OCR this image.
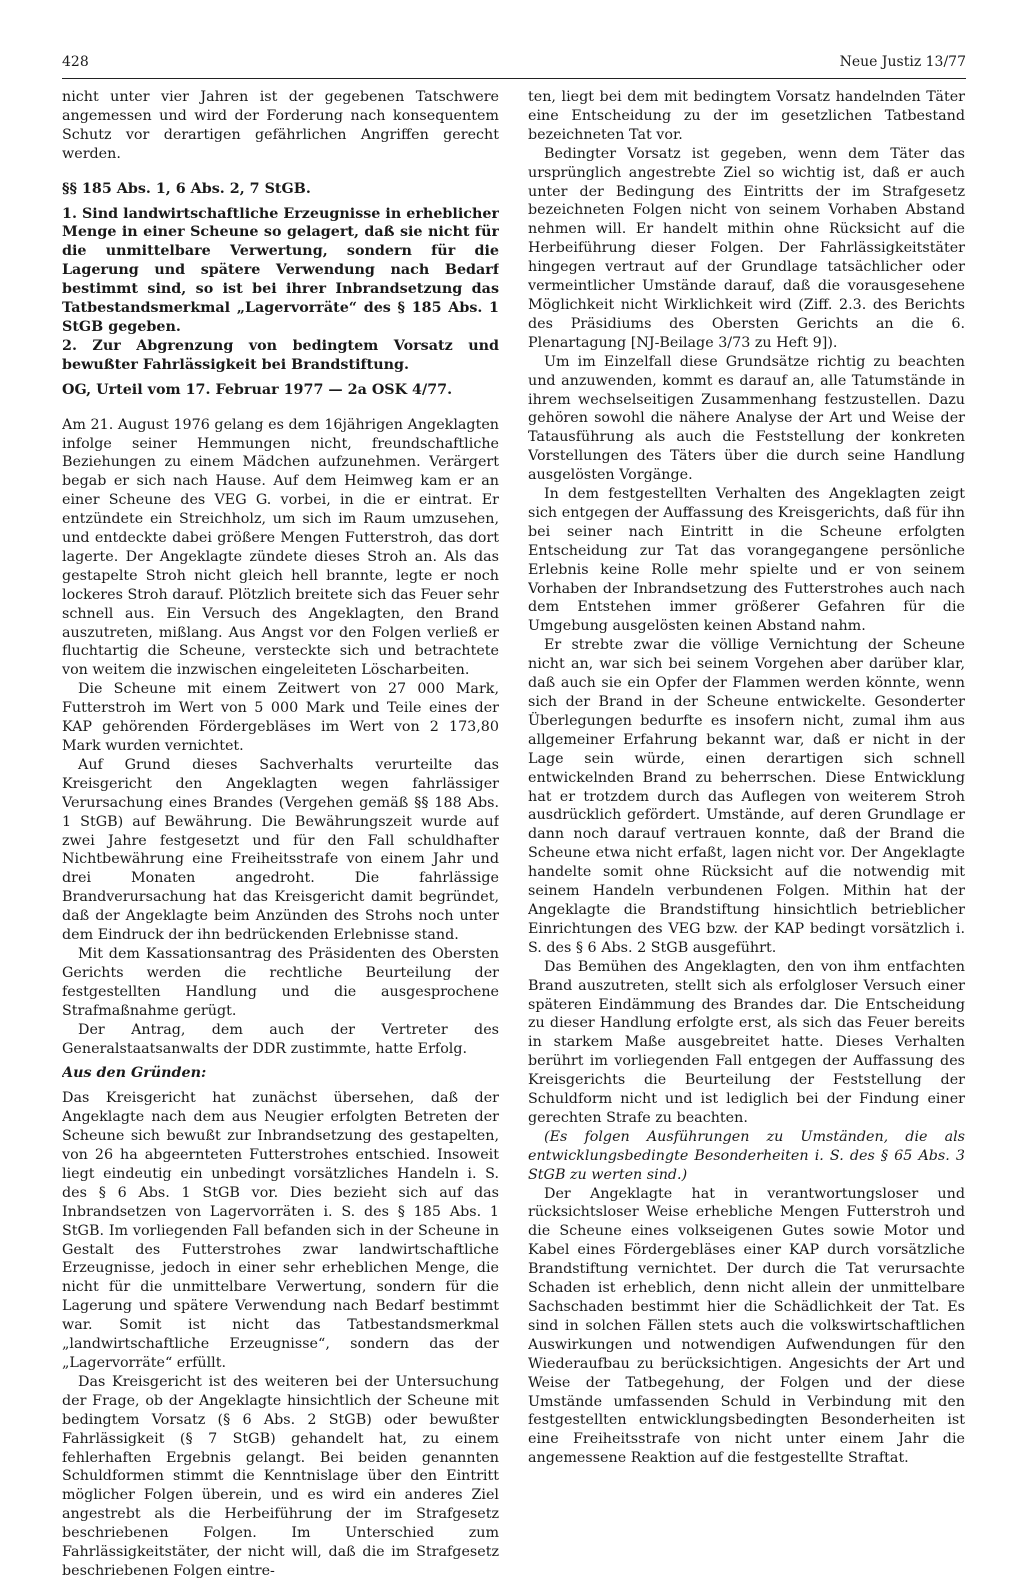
428	Neue Justiz 13/77

nicht unter vier Jahren ist der gegebenen Tatschwere angemessen und wird der Forderung nach konsequentem Schutz vor derartigen gefährlichen Angriffen gerecht werden.

§§ 185 Abs. 1, 6 Abs. 2, 7 StGB.

1. Sind landwirtschaftliche Erzeugnisse in erheblicher Menge in einer Scheune so gelagert, daß sie nicht für die unmittelbare Verwertung, sondern für die Lagerung und spätere Verwendung nach Bedarf bestimmt sind, so ist bei ihrer Inbrandsetzung das Tatbestandsmerkmal „Lagervorräte“ des § 185 Abs. 1 StGB gegeben.

2. Zur Abgrenzung von bedingtem Vorsatz und bewußter Fahrlässigkeit bei Brandstiftung.

OG, Urteil vom 17. Februar 1977 — 2a OSK 4/77.

Am 21. August 1976 gelang es dem 16jährigen Angeklagten infolge seiner Hemmungen nicht, freundschaftliche Beziehungen zu einem Mädchen aufzunehmen. Verärgert begab er sich nach Hause. Auf dem Heimweg kam er an einer Scheune des VEG G. vorbei, in die er eintrat. Er entzündete ein Streichholz, um sich im Raum umzusehen, und entdeckte dabei größere Mengen Futterstroh, das dort lagerte. Der Angeklagte zündete dieses Stroh an. Als das gestapelte Stroh nicht gleich hell brannte, legte er noch lockeres Stroh darauf. Plötzlich breitete sich das Feuer sehr schnell aus. Ein Versuch des Angeklagten, den Brand auszutreten, mißlang. Aus Angst vor den Folgen verließ er fluchtartig die Scheune, versteckte sich und betrachtete von weitem die inzwischen eingeleiteten Löscharbeiten.

Die Scheune mit einem Zeitwert von 27 000 Mark, Futterstroh im Wert von 5 000 Mark und Teile eines der KAP gehörenden Fördergebläses im Wert von 2 173,80 Mark wurden vernichtet.

Auf Grund dieses Sachverhalts verurteilte das Kreisgericht den Angeklagten wegen fahrlässiger Verursachung eines Brandes (Vergehen gemäß §§ 188 Abs. 1 StGB) auf Bewährung. Die Bewährungszeit wurde auf zwei Jahre festgesetzt und für den Fall schuldhafter Nichtbewährung eine Freiheitsstrafe von einem Jahr und drei Monaten angedroht. Die fahrlässige Brandverursachung hat das Kreisgericht damit begründet, daß der Angeklagte beim Anzünden des Strohs noch unter dem Eindruck der ihn bedrückenden Erlebnisse stand.

Mit dem Kassationsantrag des Präsidenten des Obersten Gerichts werden die rechtliche Beurteilung der festgestellten Handlung und die ausgesprochene Strafmaßnahme gerügt.

Der Antrag, dem auch der Vertreter des Generalstaatsanwalts der DDR zustimmte, hatte Erfolg.

Aus den Gründen:

Das Kreisgericht hat zunächst übersehen, daß der Angeklagte nach dem aus Neugier erfolgten Betreten der Scheune sich bewußt zur Inbrandsetzung des gestapelten, von 26 ha abgeernteten Futterstrohes entschied. Insoweit liegt eindeutig ein unbedingt vorsätzliches Handeln i. S. des § 6 Abs. 1 StGB vor. Dies bezieht sich auf das Inbrandsetzen von Lagervorräten i. S. des § 185 Abs. 1 StGB. Im vorliegenden Fall befanden sich in der Scheune in Gestalt des Futterstrohes zwar landwirtschaftliche Erzeugnisse, jedoch in einer sehr erheblichen Menge, die nicht für die unmittelbare Verwertung, sondern für die Lagerung und spätere Verwendung nach Bedarf bestimmt war. Somit ist nicht das Tatbestandsmerkmal „landwirtschaftliche Erzeugnisse“, sondern das der „Lagervorräte“ erfüllt.

Das Kreisgericht ist des weiteren bei der Untersuchung der Frage, ob der Angeklagte hinsichtlich der Scheune mit bedingtem Vorsatz (§ 6 Abs. 2 StGB) oder bewußter Fahrlässigkeit (§ 7 StGB) gehandelt hat, zu einem fehlerhaften Ergebnis gelangt. Bei beiden genannten Schuldformen stimmt die Kenntnislage über den Eintritt möglicher Folgen überein, und es wird ein anderes Ziel angestrebt als die Herbeiführung der im Strafgesetz beschriebenen Folgen. Im Unterschied zum Fahrlässigkeitstäter, der nicht will, daß die im Strafgesetz beschriebenen Folgen eintre-

ten, liegt bei dem mit bedingtem Vorsatz handelnden Täter eine Entscheidung zu der im gesetzlichen Tatbestand bezeichneten Tat vor.

Bedingter Vorsatz ist gegeben, wenn dem Täter das ursprünglich angestrebte Ziel so wichtig ist, daß er auch unter der Bedingung des Eintritts der im Strafgesetz bezeichneten Folgen nicht von seinem Vorhaben Abstand nehmen will. Er handelt mithin ohne Rücksicht auf die Herbeiführung dieser Folgen. Der Fahrlässigkeitstäter hingegen vertraut auf der Grundlage tatsächlicher oder vermeintlicher Umstände darauf, daß die vorausgesehene Möglichkeit nicht Wirklichkeit wird (Ziff. 2.3. des Berichts des Präsidiums des Obersten Gerichts an die 6. Plenartagung [NJ-Beilage 3/73 zu Heft 9]).

Um im Einzelfall diese Grundsätze richtig zu beachten und anzuwenden, kommt es darauf an, alle Tatumstände in ihrem wechselseitigen Zusammenhang festzustellen. Dazu gehören sowohl die nähere Analyse der Art und Weise der Tatausführung als auch die Feststellung der konkreten Vorstellungen des Täters über die durch seine Handlung ausgelösten Vorgänge.

In dem festgestellten Verhalten des Angeklagten zeigt sich entgegen der Auffassung des Kreisgerichts, daß für ihn bei seiner nach Eintritt in die Scheune erfolgten Entscheidung zur Tat das vorangegangene persönliche Erlebnis keine Rolle mehr spielte und er von seinem Vorhaben der Inbrandsetzung des Futterstrohes auch nach dem Entstehen immer größerer Gefahren für die Umgebung ausgelösten keinen Abstand nahm.

Er strebte zwar die völlige Vernichtung der Scheune nicht an, war sich bei seinem Vorgehen aber darüber klar, daß auch sie ein Opfer der Flammen werden könnte, wenn sich der Brand in der Scheune entwickelte. Gesonderter Überlegungen bedurfte es insofern nicht, zumal ihm aus allgemeiner Erfahrung bekannt war, daß er nicht in der Lage sein würde, einen derartigen sich schnell entwickelnden Brand zu beherrschen. Diese Entwicklung hat er trotzdem durch das Auflegen von weiterem Stroh ausdrücklich gefördert. Umstände, auf deren Grundlage er dann noch darauf vertrauen konnte, daß der Brand die Scheune etwa nicht erfaßt, lagen nicht vor. Der Angeklagte handelte somit ohne Rücksicht auf die notwendig mit seinem Handeln verbundenen Folgen. Mithin hat der Angeklagte die Brandstiftung hinsichtlich betrieblicher Einrichtungen des VEG bzw. der KAP bedingt vorsätzlich i. S. des § 6 Abs. 2 StGB ausgeführt.

Das Bemühen des Angeklagten, den von ihm entfachten Brand auszutreten, stellt sich als erfolgloser Versuch einer späteren Eindämmung des Brandes dar. Die Entscheidung zu dieser Handlung erfolgte erst, als sich das Feuer bereits in starkem Maße ausgebreitet hatte. Dieses Verhalten berührt im vorliegenden Fall entgegen der Auffassung des Kreisgerichts die Beurteilung der Feststellung der Schuldform nicht und ist lediglich bei der Findung einer gerechten Strafe zu beachten.

(Es folgen Ausführungen zu Umständen, die als entwicklungsbedingte Besonderheiten i. S. des § 65 Abs. 3 StGB zu werten sind.)

Der Angeklagte hat in verantwortungsloser und rücksichtsloser Weise erhebliche Mengen Futterstroh und die Scheune eines volkseigenen Gutes sowie Motor und Kabel eines Fördergebläses einer KAP durch vorsätzliche Brandstiftung vernichtet. Der durch die Tat verursachte Schaden ist erheblich, denn nicht allein der unmittelbare Sachschaden bestimmt hier die Schädlichkeit der Tat. Es sind in solchen Fällen stets auch die volkswirtschaftlichen Auswirkungen und notwendigen Aufwendungen für den Wiederaufbau zu berücksichtigen. Angesichts der Art und Weise der Tatbegehung, der Folgen und der diese Umstände umfassenden Schuld in Verbindung mit den festgestellten entwicklungsbedingten Besonderheiten ist eine Freiheitsstrafe von nicht unter einem Jahr die angemessene Reaktion auf die festgestellte Straftat.
